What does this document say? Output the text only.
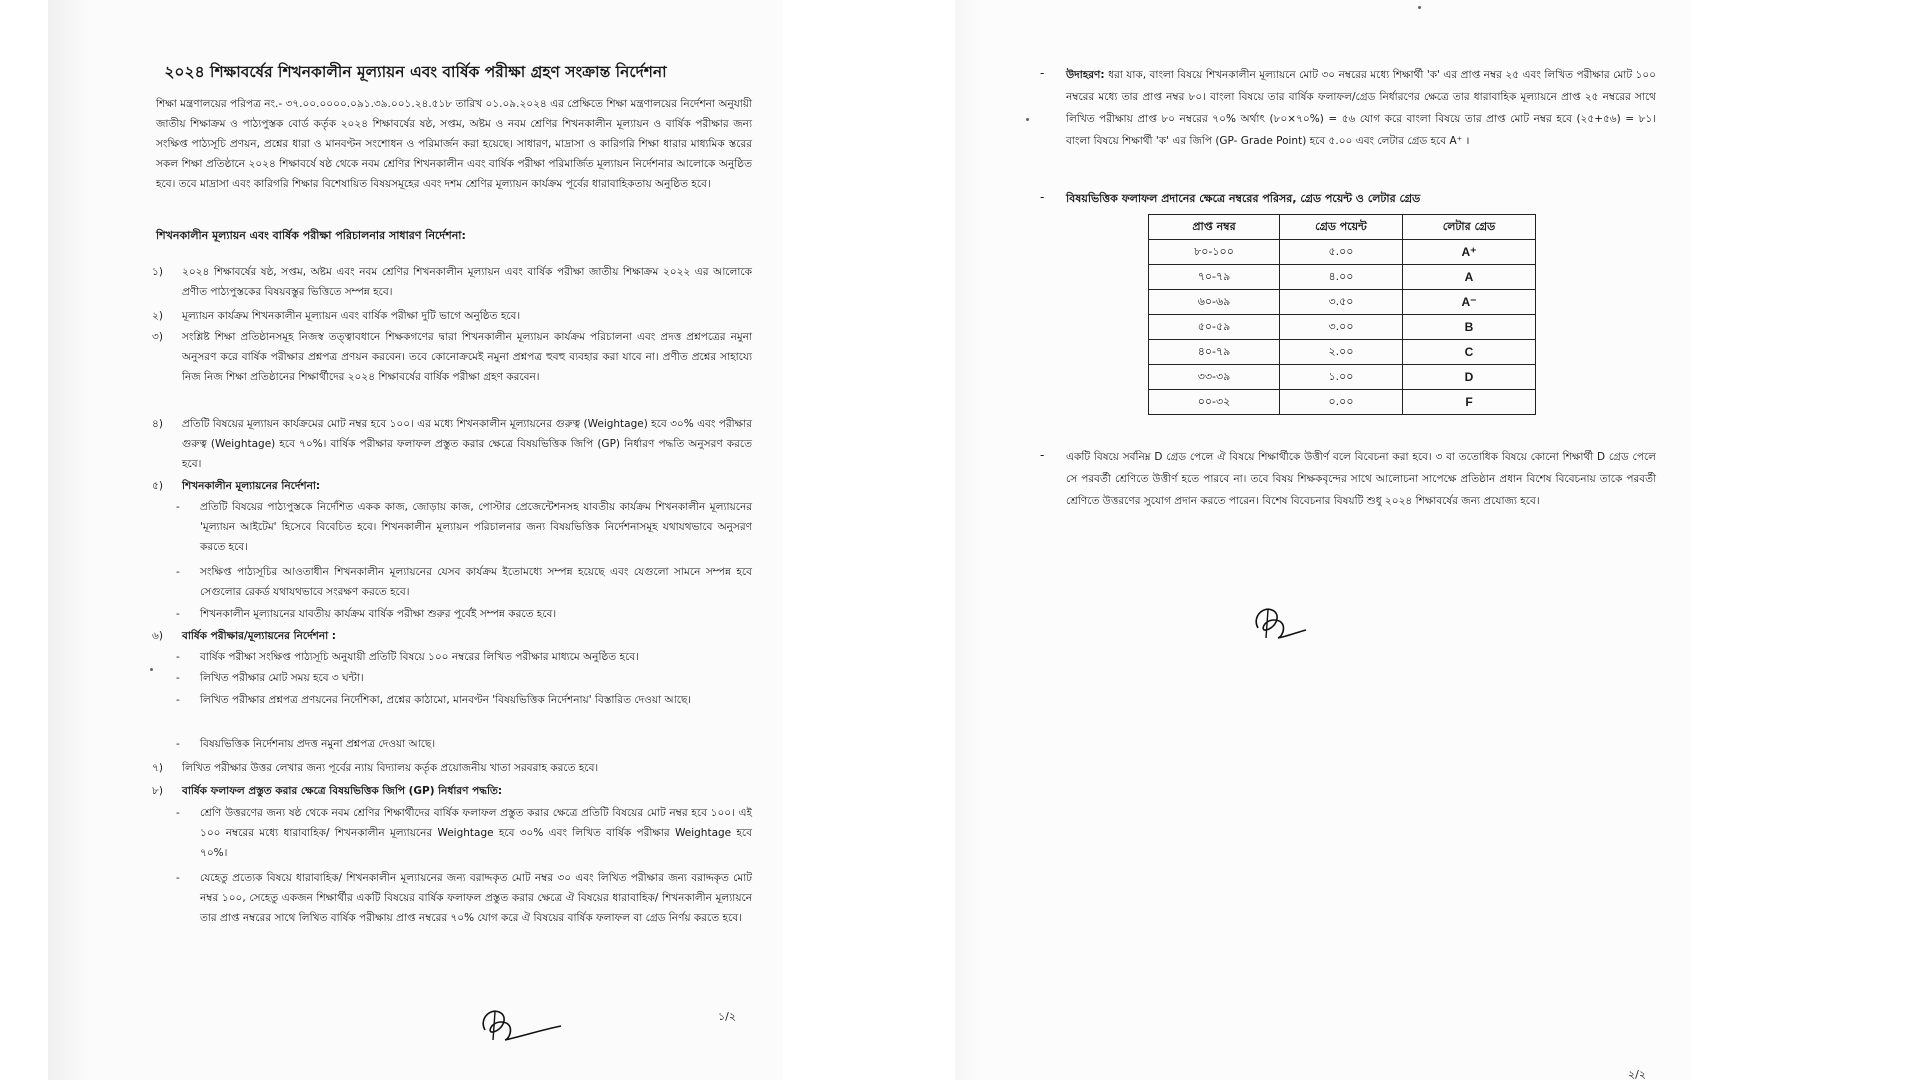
২০২৪ শিক্ষাবর্ষের শিখনকালীন মূল্যায়ন এবং বার্ষিক পরীক্ষা গ্রহণ সংক্রান্ত নির্দেশনা
শিক্ষা মন্ত্রণালয়ের পরিপত্র নং.- ৩৭.০০.০০০০.০৯১.৩৯.০০১.২৪.৫১৮ তারিখ ০১.০৯.২০২৪ এর প্রেক্ষিতে শিক্ষা মন্ত্রণালয়ের নির্দেশনা অনুযায়ী জাতীয় শিক্ষাক্রম ও পাঠ্যপুস্তক বোর্ড কর্তৃক ২০২৪ শিক্ষাবর্ষের ষষ্ঠ, সপ্তম, অষ্টম ও নবম শ্রেণির শিখনকালীন মূল্যায়ন ও বার্ষিক পরীক্ষার জন্য সংক্ষিপ্ত পাঠ্যসূচি প্রণয়ন, প্রশ্নের ধারা ও মানবণ্টন সংশোধন ও পরিমার্জন করা হয়েছে। সাধারণ, মাদ্রাসা ও কারিগরি শিক্ষা ধারার মাধ্যমিক স্তরের সকল শিক্ষা প্রতিষ্ঠানে ২০২৪ শিক্ষাবর্ষে ষষ্ঠ থেকে নবম শ্রেণির শিখনকালীন এবং বার্ষিক পরীক্ষা পরিমার্জিত মূল্যায়ন নির্দেশনার আলোকে অনুষ্ঠিত হবে। তবে মাদ্রাসা এবং কারিগরি শিক্ষার বিশেষায়িত বিষয়সমূহের এবং দশম শ্রেণির মূল্যায়ন কার্যক্রম পূর্বের ধারাবাহিকতায় অনুষ্ঠিত হবে।
শিখনকালীন মূল্যায়ন এবং বার্ষিক পরীক্ষা পরিচালনার সাধারণ নির্দেশনা:
১)	২০২৪ শিক্ষাবর্ষের ষষ্ঠ, সপ্তম, অষ্টম এবং নবম শ্রেণির শিখনকালীন মূল্যায়ন এবং বার্ষিক পরীক্ষা জাতীয় শিক্ষাক্রম ২০২২ এর আলোকে প্রণীত পাঠ্যপুস্তকের বিষয়বস্তুর ভিত্তিতে সম্পন্ন হবে।
২)	মূল্যায়ন কার্যক্রম শিখনকালীন মূল্যায়ন এবং বার্ষিক পরীক্ষা দুটি ভাগে অনুষ্ঠিত হবে।
৩)	সংশ্লিষ্ট শিক্ষা প্রতিষ্ঠানসমূহ নিজস্ব তত্ত্বাবধানে শিক্ষকগণের দ্বারা শিখনকালীন মূল্যায়ন কার্যক্রম পরিচালনা এবং প্রদত্ত প্রশ্নপত্রের নমুনা অনুসরণ করে বার্ষিক পরীক্ষার প্রশ্নপত্র প্রণয়ন করবেন। তবে কোনোক্রমেই নমুনা প্রশ্নপত্র হুবহু ব্যবহার করা যাবে না। প্রণীত প্রশ্নের সাহায্যে নিজ নিজ শিক্ষা প্রতিষ্ঠানের শিক্ষার্থীদের ২০২৪ শিক্ষাবর্ষের বার্ষিক পরীক্ষা গ্রহণ করবেন।
৪)	প্রতিটি বিষয়ের মূল্যায়ন কার্যক্রমের মোট নম্বর হবে ১০০। এর মধ্যে শিখনকালীন মূল্যায়নের গুরুত্ব (Weightage) হবে ৩০% এবং পরীক্ষার গুরুত্ব (Weightage) হবে ৭০%। বার্ষিক পরীক্ষার ফলাফল প্রস্তুত করার ক্ষেত্রে বিষয়ভিত্তিক জিপি (GP) নির্ধারণ পদ্ধতি অনুসরণ করতে হবে।
৫)	শিখনকালীন মূল্যায়নের নির্দেশনা:
- প্রতিটি বিষয়ের পাঠ্যপুস্তকে নির্দেশিত একক কাজ, জোড়ায় কাজ, পোস্টার প্রেজেন্টেশনসহ যাবতীয় কার্যক্রম শিখনকালীন মূল্যায়নের 'মূল্যায়ন আইটেম' হিসেবে বিবেচিত হবে। শিখনকালীন মূল্যায়ন পরিচালনার জন্য বিষয়ভিত্তিক নির্দেশনাসমূহ যথাযথভাবে অনুসরণ করতে হবে।
- সংক্ষিপ্ত পাঠ্যসূচির আওতাধীন শিখনকালীন মূল্যায়নের যেসব কার্যক্রম ইতোমধ্যে সম্পন্ন হয়েছে এবং যেগুলো সামনে সম্পন্ন হবে সেগুলোর রেকর্ড যথাযথভাবে সংরক্ষণ করতে হবে।
- শিখনকালীন মূল্যায়নের যাবতীয় কার্যক্রম বার্ষিক পরীক্ষা শুরুর পূর্বেই সম্পন্ন করতে হবে।
৬)	বার্ষিক পরীক্ষার/মূল্যায়নের নির্দেশনা :
- বার্ষিক পরীক্ষা সংক্ষিপ্ত পাঠ্যসূচি অনুযায়ী প্রতিটি বিষয়ে ১০০ নম্বরের লিখিত পরীক্ষার মাধ্যমে অনুষ্ঠিত হবে।
- লিখিত পরীক্ষার মোট সময় হবে ৩ ঘন্টা।
- লিখিত পরীক্ষার প্রশ্নপত্র প্রণয়নের নির্দেশিকা, প্রশ্নের কাঠামো, মানবণ্টন 'বিষয়ভিত্তিক নির্দেশনায়' বিস্তারিত দেওয়া আছে।
- বিষয়ভিত্তিক নির্দেশনায় প্রদত্ত নমুনা প্রশ্নপত্র দেওয়া আছে।
৭)	লিখিত পরীক্ষার উত্তর লেখার জন্য পূর্বের ন্যায় বিদ্যালয় কর্তৃক প্রয়োজনীয় খাতা সরবরাহ করতে হবে।
৮)	বার্ষিক ফলাফল প্রস্তুত করার ক্ষেত্রে বিষয়ভিত্তিক জিপি (GP) নির্ধারণ পদ্ধতি:
- শ্রেণি উত্তরণের জন্য ষষ্ঠ থেকে নবম শ্রেণির শিক্ষার্থীদের বার্ষিক ফলাফল প্রস্তুত করার ক্ষেত্রে প্রতিটি বিষয়ের মোট নম্বর হবে ১০০। এই ১০০ নম্বরের মধ্যে ধারাবাহিক/ শিখনকালীন মূল্যায়নের Weightage হবে ৩০% এবং লিখিত বার্ষিক পরীক্ষার Weightage হবে ৭০%।
- যেহেতু প্রত্যেক বিষয়ে ধারাবাহিক/ শিখনকালীন মূল্যায়নের জন্য বরাদ্দকৃত মোট নম্বর ৩০ এবং লিখিত পরীক্ষার জন্য বরাদ্দকৃত মোট নম্বর ১০০, সেহেতু একজন শিক্ষার্থীর একটি বিষয়ের বার্ষিক ফলাফল প্রস্তুত করার ক্ষেত্রে ঐ বিষয়ের ধারাবাহিক/ শিখনকালীন মূল্যায়নে তার প্রাপ্ত নম্বরের সাথে লিখিত বার্ষিক পরীক্ষায় প্রাপ্ত নম্বরের ৭০% যোগ করে ঐ বিষয়ের বার্ষিক ফলাফল বা গ্রেড নির্ণয় করতে হবে।
১/২
- উদাহরণ: ধরা যাক, বাংলা বিষয়ে শিখনকালীন মূল্যায়নে মোট ৩০ নম্বরের মধ্যে শিক্ষার্থী 'ক' এর প্রাপ্ত নম্বর ২৫ এবং লিখিত পরীক্ষার মোট ১০০ নম্বরের মধ্যে তার প্রাপ্ত নম্বর ৮০। বাংলা বিষয়ে তার বার্ষিক ফলাফল/গ্রেড নির্ধারণের ক্ষেত্রে তার ধারাবাহিক মূল্যায়নে প্রাপ্ত ২৫ নম্বরের সাথে লিখিত পরীক্ষায় প্রাপ্ত ৮০ নম্বরের ৭০% অর্থাৎ (৮০×৭০%) = ৫৬ যোগ করে বাংলা বিষয়ে তার প্রাপ্ত মোট নম্বর হবে (২৫+৫৬) = ৮১। বাংলা বিষয়ে শিক্ষার্থী 'ক' এর জিপি (GP- Grade Point) হবে ৫.০০ এবং লেটার গ্রেড হবে A⁺ ।
- বিষয়ভিত্তিক ফলাফল প্রদানের ক্ষেত্রে নম্বরের পরিসর, গ্রেড পয়েন্ট ও লেটার গ্রেড
প্রাপ্ত নম্বর	গ্রেড পয়েন্ট	লেটার গ্রেড
৮০-১০০	৫.০০	A⁺
৭০-৭৯	৪.০০	A
৬০-৬৯	৩.৫০	A⁻
৫০-৫৯	৩.০০	B
৪০-৭৯	২.০০	C
৩৩-৩৯	১.০০	D
০০-৩২	০.০০	F
- একটি বিষয়ে সর্বনিম্ন D গ্রেড পেলে ঐ বিষয়ে শিক্ষার্থীকে উত্তীর্ণ বলে বিবেচনা করা হবে। ৩ বা ততোধিক বিষয়ে কোনো শিক্ষার্থী D গ্রেড পেলে সে পরবর্তী শ্রেণিতে উত্তীর্ণ হতে পারবে না। তবে বিষয় শিক্ষকবৃন্দের সাথে আলোচনা সাপেক্ষে প্রতিষ্ঠান প্রধান বিশেষ বিবেচনায় তাকে পরবর্তী শ্রেণিতে উত্তরণের সুযোগ প্রদান করতে পারেন। বিশেষ বিবেচনার বিষয়টি শুধু ২০২৪ শিক্ষাবর্ষের জন্য প্রযোজ্য হবে।
২/২
